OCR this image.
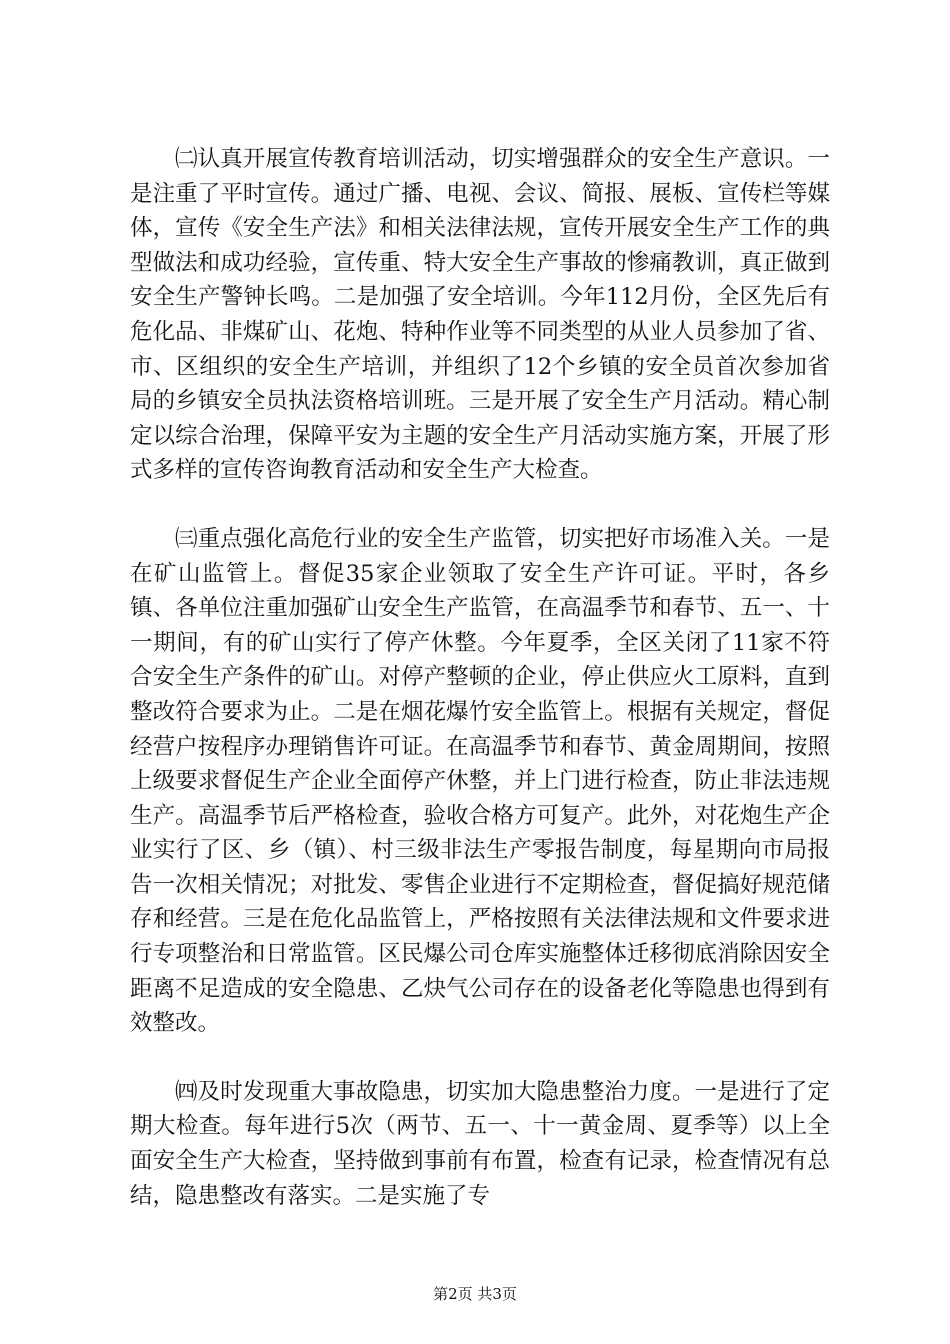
㈡认真开展宣传教育培训活动，切实增强群众的安全生产意识。一是注重了平时宣传。通过广播、电视、会议、简报、展板、宣传栏等媒体，宣传《安全生产法》和相关法律法规，宣传开展安全生产工作的典型做法和成功经验，宣传重、特大安全生产事故的惨痛教训，真正做到安全生产警钟长鸣。二是加强了安全培训。今年112月份，全区先后有危化品、非煤矿山、花炮、特种作业等不同类型的从业人员参加了省、市、区组织的安全生产培训，并组织了12个乡镇的安全员首次参加省局的乡镇安全员执法资格培训班。三是开展了安全生产月活动。精心制定以综合治理，保障平安为主题的安全生产月活动实施方案，开展了形式多样的宣传咨询教育活动和安全生产大检查。

㈢重点强化高危行业的安全生产监管，切实把好市场准入关。一是在矿山监管上。督促35家企业领取了安全生产许可证。平时，各乡镇、各单位注重加强矿山安全生产监管，在高温季节和春节、五一、十一期间，有的矿山实行了停产休整。今年夏季，全区关闭了11家不符合安全生产条件的矿山。对停产整顿的企业，停止供应火工原料，直到整改符合要求为止。二是在烟花爆竹安全监管上。根据有关规定，督促经营户按程序办理销售许可证。在高温季节和春节、黄金周期间，按照上级要求督促生产企业全面停产休整，并上门进行检查，防止非法违规生产。高温季节后严格检查，验收合格方可复产。此外，对花炮生产企业实行了区、乡（镇）、村三级非法生产零报告制度，每星期向市局报告一次相关情况；对批发、零售企业进行不定期检查，督促搞好规范储存和经营。三是在危化品监管上，严格按照有关法律法规和文件要求进行专项整治和日常监管。区民爆公司仓库实施整体迁移彻底消除因安全距离不足造成的安全隐患、乙炔气公司存在的设备老化等隐患也得到有效整改。

㈣及时发现重大事故隐患，切实加大隐患整治力度。一是进行了定期大检查。每年进行5次（两节、五一、十一黄金周、夏季等）以上全面安全生产大检查，坚持做到事前有布置，检查有记录，检查情况有总结，隐患整改有落实。二是实施了专

第2页 共3页
